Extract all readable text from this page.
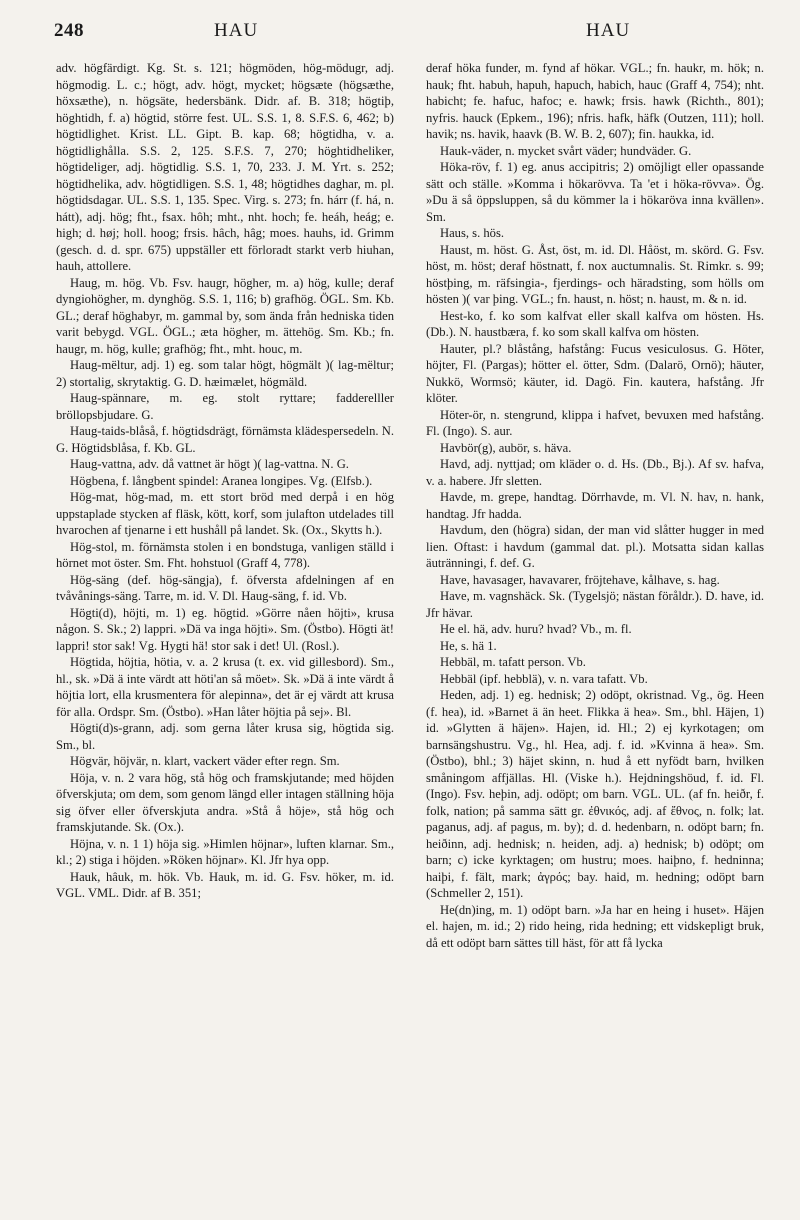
248	HAU	HAU

adv. högfärdigt. Kg. St. s. 121; högmöden, hög-mödugr, adj. högmodig. L. c.; högt, adv. högt, mycket; högsæte (högsæthe, höxsæthe), n. högsäte, hedersbänk. Didr. af. B. 318; högtiþ, höghtidh, f. a) högtid, större fest. UL. S.S. 1, 8. S.F.S. 6, 462; b) högtidlighet. Krist. LL. Gipt. B. kap. 68; högtidha, v. a. högtidlighålla. S.S. 2, 125. S.F.S. 7, 270; höghtidheliker, högtideliger, adj. högtidlig. S.S. 1, 70, 233. J. M. Yrt. s. 252; högtidhelika, adv. högtidligen. S.S. 1, 48; högtidhes daghar, m. pl. högtidsdagar. UL. S.S. 1, 135. Spec. Virg. s. 273; fn. hárr (f. há, n. hátt), adj. hög; fht., fsax. hôh; mht., nht. hoch; fe. heáh, heág; e. high; d. høj; holl. hoog; frsis. hâch, hâg; moes. hauhs, id. Grimm (gesch. d. d. spr. 675) uppställer ett förloradt starkt verb hiuhan, hauh, attollere.

Haug, m. hög. Vb. Fsv. haugr, högher, m. a) hög, kulle; deraf dyngiohögher, m. dynghög. S.S. 1, 116; b) grafhög. ÖGL. Sm. Kb. GL.; deraf höghabyr, m. gammal by, som ända från hedniska tiden varit bebygd. VGL. ÖGL.; æta högher, m. ättehög. Sm. Kb.; fn. haugr, m. hög, kulle; grafhög; fht., mht. houc, m.

Haug-mëltur, adj. 1) eg. som talar högt, högmält )( lag-mëltur; 2) stortalig, skrytaktig. G. D. hæimælet, högmäld.

Haug-spännare, m. eg. stolt ryttare; fadderelller bröllopsbjudare. G.

Haug-taids-blåså, f. högtidsdrägt, förnämsta klädespersedeln. N. G. Högtidsblåsa, f. Kb. GL.

Haug-vattna, adv. då vattnet är högt )( lag-vattna. N. G.

Högbena, f. långbent spindel: Aranea longipes. Vg. (Elfsb.).

Hög-mat, hög-mad, m. ett stort bröd med derpå i en hög uppstaplade stycken af fläsk, kött, korf, som julafton utdelades till hvarochen af tjenarne i ett hushåll på landet. Sk. (Ox., Skytts h.).

Hög-stol, m. förnämsta stolen i en bondstuga, vanligen ställd i hörnet mot öster. Sm. Fht. hohstuol (Graff 4, 778).

Hög-säng (def. hög-sängja), f. öfversta afdelningen af en tvåvånings-säng. Tarre, m. id. V. Dl. Haug-säng, f. id. Vb.

Högti(d), höjti, m. 1) eg. högtid. »Görre nåen höjti», krusa någon. S. Sk.; 2) lappri. »Dä va inga höjti». Sm. (Östbo). Högti ät! lappri! stor sak! Vg. Hygti hä! stor sak i det! Ul. (Rosl.).

Högtida, höjtia, hötia, v. a. 2 krusa (t. ex. vid gillesbord). Sm., hl., sk. »Dä ä inte värdt att höti'an så möet». Sk. »Dä ä inte värdt å höjtia lort, ella krusmentera för alepinna», det är ej värdt att krusa för alla. Ordspr. Sm. (Östbo). »Han låter höjtia på sej». Bl.

Högti(d)s-grann, adj. som gerna låter krusa sig, högtida sig. Sm., bl.

Högvär, höjvär, n. klart, vackert väder efter regn. Sm.

Höja, v. n. 2 vara hög, stå hög och framskjutande; med höjden öfverskjuta; om dem, som genom längd eller intagen ställning höja sig öfver eller öfverskjuta andra. »Stå å höje», stå hög och framskjutande. Sk. (Ox.).

Höjna, v. n. 1 1) höja sig. »Himlen höjnar», luften klarnar. Sm., kl.; 2) stiga i höjden. »Röken höjnar». Kl. Jfr hya opp.

Hauk, hâuk, m. hök. Vb. Hauk, m. id. G. Fsv. höker, m. id. VGL. VML. Didr. af B. 351;

deraf höka funder, m. fynd af hökar. VGL.; fn. haukr, m. hök; n. hauk; fht. habuh, hapuh, hapuch, habich, hauc (Graff 4, 754); nht. habicht; fe. hafuc, hafoc; e. hawk; frsis. hawk (Richth., 801); nyfris. hauck (Epkem., 196); nfris. hafk, häfk (Outzen, 111); holl. havik; ns. havik, haavk (B. W. B. 2, 607); fin. haukka, id.

Hauk-väder, n. mycket svårt väder; hundväder. G.

Höka-röv, f. 1) eg. anus accipitris; 2) omöjligt eller opassande sätt och ställe. »Komma i hökarövva. Ta 'et i höka-rövva». Ög. »Du ä så öppsluppen, så du kömmer la i hökaröva inna kvällen». Sm.

Haus, s. hös.

Haust, m. höst. G. Åst, öst, m. id. Dl. Håöst, m. skörd. G. Fsv. höst, m. höst; deraf höstnatt, f. nox auctumnalis. St. Rimkr. s. 99; höstþing, m. räfsingia-, fjerdings- och häradsting, som hölls om hösten )( var þing. VGL.; fn. haust, n. höst; n. haust, m. & n. id.

Hest-ko, f. ko som kalfvat eller skall kalfva om hösten. Hs. (Db.). N. haustbæra, f. ko som skall kalfva om hösten.

Hauter, pl.? blåstång, hafstång: Fucus vesiculosus. G. Höter, höjter, Fl. (Pargas); hötter el. ötter, Sdm. (Dalarö, Ornö); häuter, Nukkö, Wormsö; käuter, id. Dagö. Fin. kautera, hafstång. Jfr klöter.

Höter-ör, n. stengrund, klippa i hafvet, bevuxen med hafstång. Fl. (Ingo). S. aur.

Havbör(g), aubör, s. häva.

Havd, adj. nyttjad; om kläder o. d. Hs. (Db., Bj.). Af sv. hafva, v. a. habere. Jfr sletten.

Havde, m. grepe, handtag. Dörrhavde, m. Vl. N. hav, n. hank, handtag. Jfr hadda.

Havdum, den (högra) sidan, der man vid slåtter hugger in med lien. Oftast: i havdum (gammal dat. pl.). Motsatta sidan kallas äutränningi, f. def. G.

Have, havasager, havavarer, fröjtehave, kålhave, s. hag.

Have, m. vagnshäck. Sk. (Tygelsjö; nästan föråldr.). D. have, id. Jfr hävar.

He el. hä, adv. huru? hvad? Vb., m. fl.

He, s. hä 1.

Hebbäl, m. tafatt person. Vb.

Hebbäl (ipf. hebblä), v. n. vara tafatt. Vb.

Heden, adj. 1) eg. hednisk; 2) odöpt, okristnad. Vg., ög. Heen (f. hea), id. »Barnet ä än heet. Flikka ä hea». Sm., bhl. Häjen, 1) id. »Glytten ä häjen». Hajen, id. Hl.; 2) ej kyrkotagen; om barnsängshustru. Vg., hl. Hea, adj. f. id. »Kvinna ä hea». Sm. (Östbo), bhl.; 3) häjet skinn, n. hud å ett nyfödt barn, hvilken småningom affjällas. Hl. (Viske h.). Hejdningshöud, f. id. Fl. (Ingo). Fsv. heþin, adj. odöpt; om barn. VGL. UL. (af fn. heiðr, f. folk, nation; på samma sätt gr. ἐθνικός, adj. af ἔθνος, n. folk; lat. paganus, adj. af pagus, m. by); d. d. hedenbarn, n. odöpt barn; fn. heiðinn, adj. hednisk; n. heiden, adj. a) hednisk; b) odöpt; om barn; c) icke kyrktagen; om hustru; moes. haiþno, f. hedninna; haiþi, f. fält, mark; ἀγρός; bay. haid, m. hedning; odöpt barn (Schmeller 2, 151).

He(dn)ing, m. 1) odöpt barn. »Ja har en heing i huset». Häjen el. hajen, m. id.; 2) rido heing, rida hedning; ett vidskepligt bruk, då ett odöpt barn sättes till häst, för att få lycka
